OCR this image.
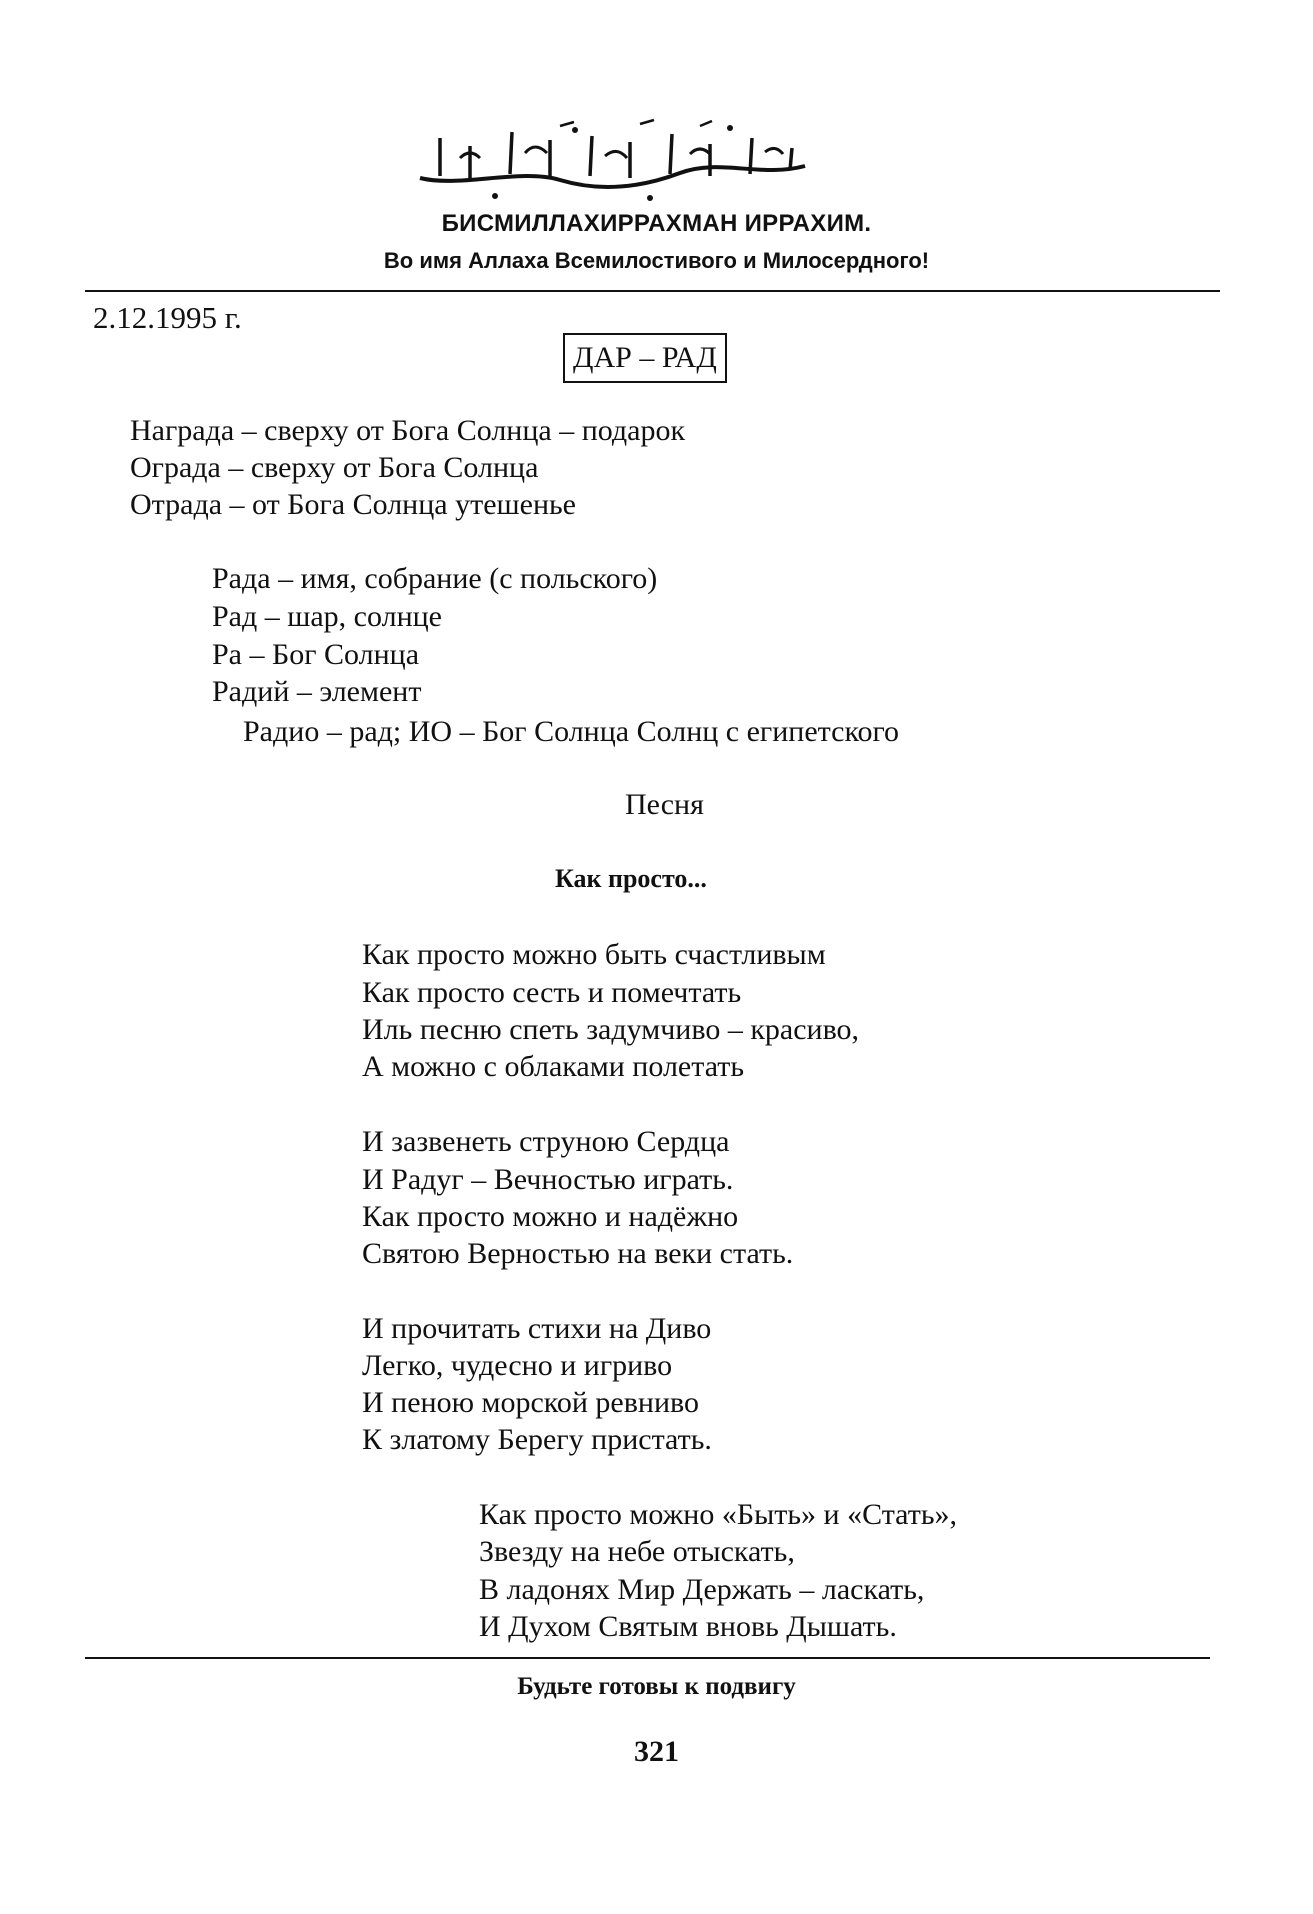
БИСМИЛЛАХИРРАХМАН ИРРАХИМ.
Во имя Аллаха Всемилостивого и Милосердного!
2.12.1995 г.
ДАР – РАД
Награда – сверху от Бога Солнца – подарок
Ограда – сверху от Бога Солнца
Отрада – от Бога Солнца утешенье
Рада – имя, собрание (с польского)
Рад – шар, солнце
Ра – Бог Солнца
Радий – элемент
Радио – рад; ИО – Бог Солнца Солнц с египетского
Песня
Как просто...
Как просто можно быть счастливым
Как просто сесть и помечтать
Иль песню спеть задумчиво – красиво,
А можно с облаками полетать
И зазвенеть струною Сердца
И Радуг – Вечностью играть.
Как просто можно и надёжно
Святою Верностью на веки стать.
И прочитать стихи на Диво
Легко, чудесно и игриво
И пеною морской ревниво
К златому Берегу пристать.
Как просто можно «Быть» и «Стать»,
Звезду на небе отыскать,
В ладонях Мир Держать – ласкать,
И Духом Святым вновь Дышать.
Будьте готовы к подвигу
321
